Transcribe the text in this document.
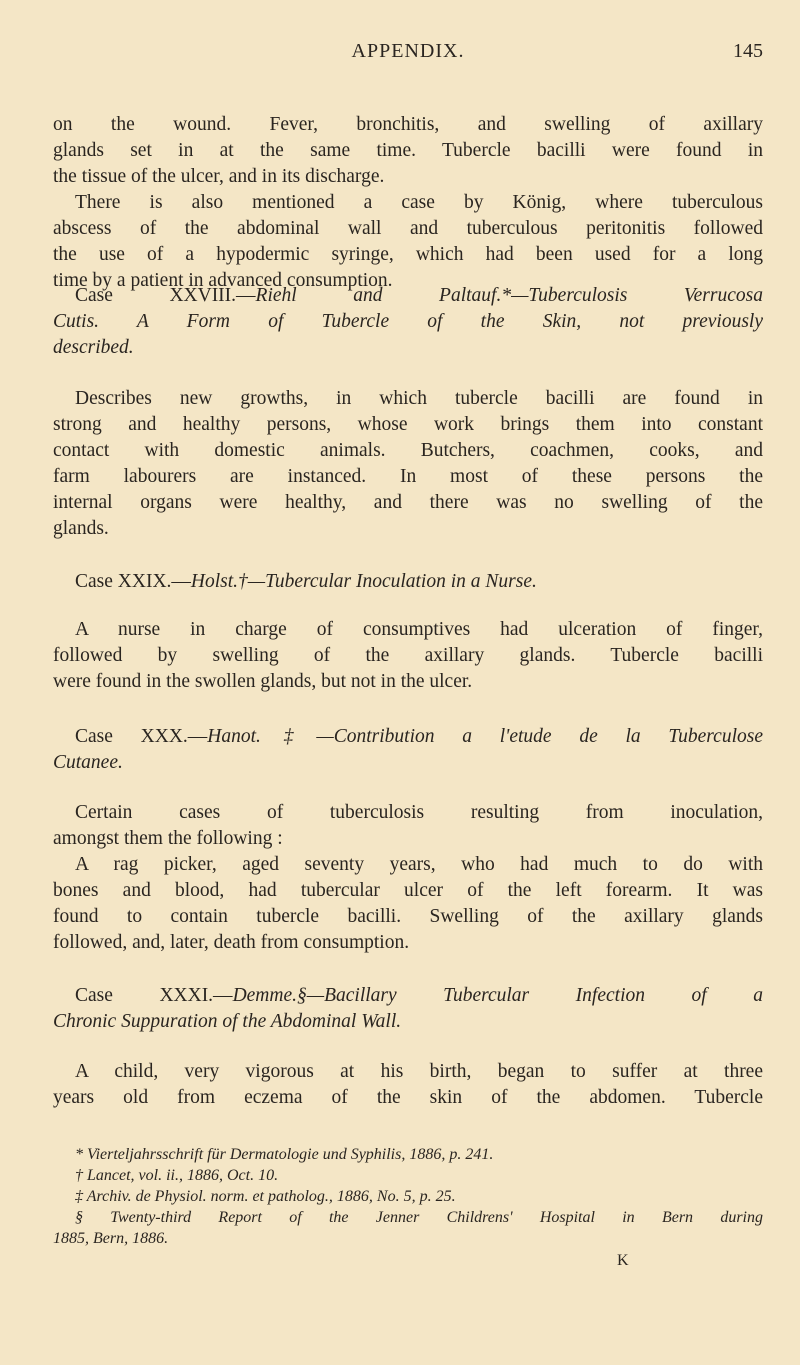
APPENDIX.	145
on the wound. Fever, bronchitis, and swelling of axillary
glands set in at the same time. Tubercle bacilli were found in
the tissue of the ulcer, and in its discharge.
There is also mentioned a case by König, where tuberculous
abscess of the abdominal wall and tuberculous peritonitis followed
the use of a hypodermic syringe, which had been used for a long
time by a patient in advanced consumption.
Case XXVIII.—Riehl and Paltauf.*—Tuberculosis Verrucosa
Cutis. A Form of Tubercle of the Skin, not previously
described.
Describes new growths, in which tubercle bacilli are found in
strong and healthy persons, whose work brings them into constant
contact with domestic animals. Butchers, coachmen, cooks, and
farm labourers are instanced. In most of these persons the
internal organs were healthy, and there was no swelling of the
glands.
Case XXIX.—Holst.†—Tubercular Inoculation in a Nurse.
A nurse in charge of consumptives had ulceration of finger,
followed by swelling of the axillary glands. Tubercle bacilli
were found in the swollen glands, but not in the ulcer.
Case XXX.—Hanot.‡—Contribution a l'etude de la Tuberculose
Cutanee.
Certain cases of tuberculosis resulting from inoculation,
amongst them the following :
A rag picker, aged seventy years, who had much to do with
bones and blood, had tubercular ulcer of the left forearm. It was
found to contain tubercle bacilli. Swelling of the axillary glands
followed, and, later, death from consumption.
Case XXXI.—Demme.§—Bacillary Tubercular Infection of a
Chronic Suppuration of the Abdominal Wall.
A child, very vigorous at his birth, began to suffer at three
years old from eczema of the skin of the abdomen. Tubercle
* Vierteljahrsschrift für Dermatologie und Syphilis, 1886, p. 241.
† Lancet, vol. ii., 1886, Oct. 10.
‡ Archiv. de Physiol. norm. et patholog., 1886, No. 5, p. 25.
§ Twenty-third Report of the Jenner Childrens' Hospital in Bern during
1885, Bern, 1886.
K
